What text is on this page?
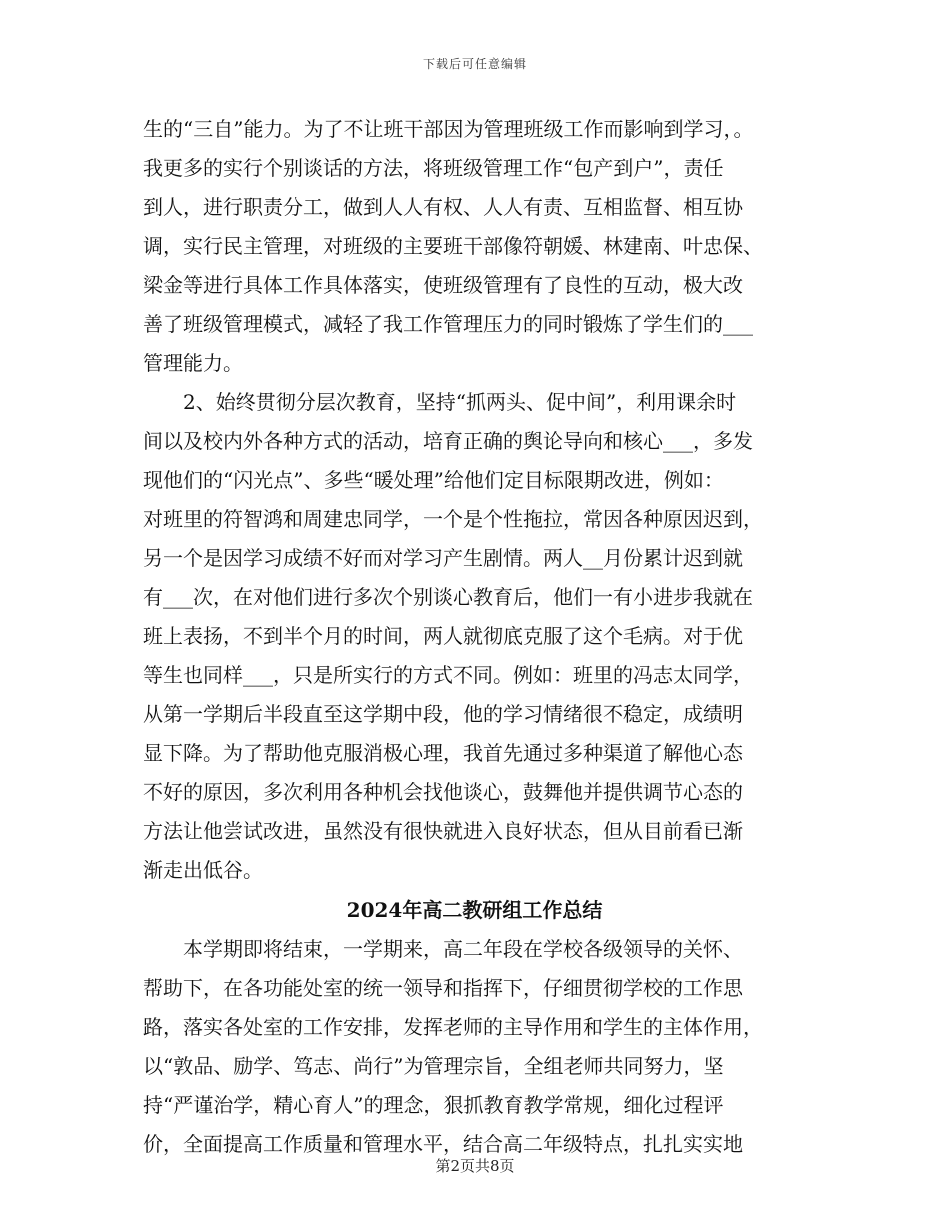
下载后可任意编辑
生的“三自”能力。为了不让班干部因为管理班级工作而影响到学习，。
我更多的实行个别谈话的方法，将班级管理工作“包产到户”，责任
到人，进行职责分工，做到人人有权、人人有责、互相监督、相互协
调，实行民主管理，对班级的主要班干部像符朝媛、林建南、叶忠保、
梁金等进行具体工作具体落实，使班级管理有了良性的互动，极大改
善了班级管理模式，减轻了我工作管理压力的同时锻炼了学生们的___
管理能力。
　　2、始终贯彻分层次教育，坚持“抓两头、促中间”，利用课余时
间以及校内外各种方式的活动，培育正确的舆论导向和核心___，多发
现他们的“闪光点”、多些“暖处理”给他们定目标限期改进，例如：
对班里的符智鸿和周建忠同学，一个是个性拖拉，常因各种原因迟到，
另一个是因学习成绩不好而对学习产生剧情。两人__月份累计迟到就
有___次，在对他们进行多次个别谈心教育后，他们一有小进步我就在
班上表扬，不到半个月的时间，两人就彻底克服了这个毛病。对于优
等生也同样___，只是所实行的方式不同。例如：班里的冯志太同学，
从第一学期后半段直至这学期中段，他的学习情绪很不稳定，成绩明
显下降。为了帮助他克服消极心理，我首先通过多种渠道了解他心态
不好的原因，多次利用各种机会找他谈心，鼓舞他并提供调节心态的
方法让他尝试改进，虽然没有很快就进入良好状态，但从目前看已渐
渐走出低谷。
2024年高二教研组工作总结
　　本学期即将结束，一学期来，高二年段在学校各级领导的关怀、
帮助下，在各功能处室的统一领导和指挥下，仔细贯彻学校的工作思
路，落实各处室的工作安排，发挥老师的主导作用和学生的主体作用，
以“敦品、励学、笃志、尚行”为管理宗旨，全组老师共同努力，坚
持“严谨治学，精心育人”的理念，狠抓教育教学常规，细化过程评
价，全面提高工作质量和管理水平，结合高二年级特点，扎扎实实地
第2页共8页
